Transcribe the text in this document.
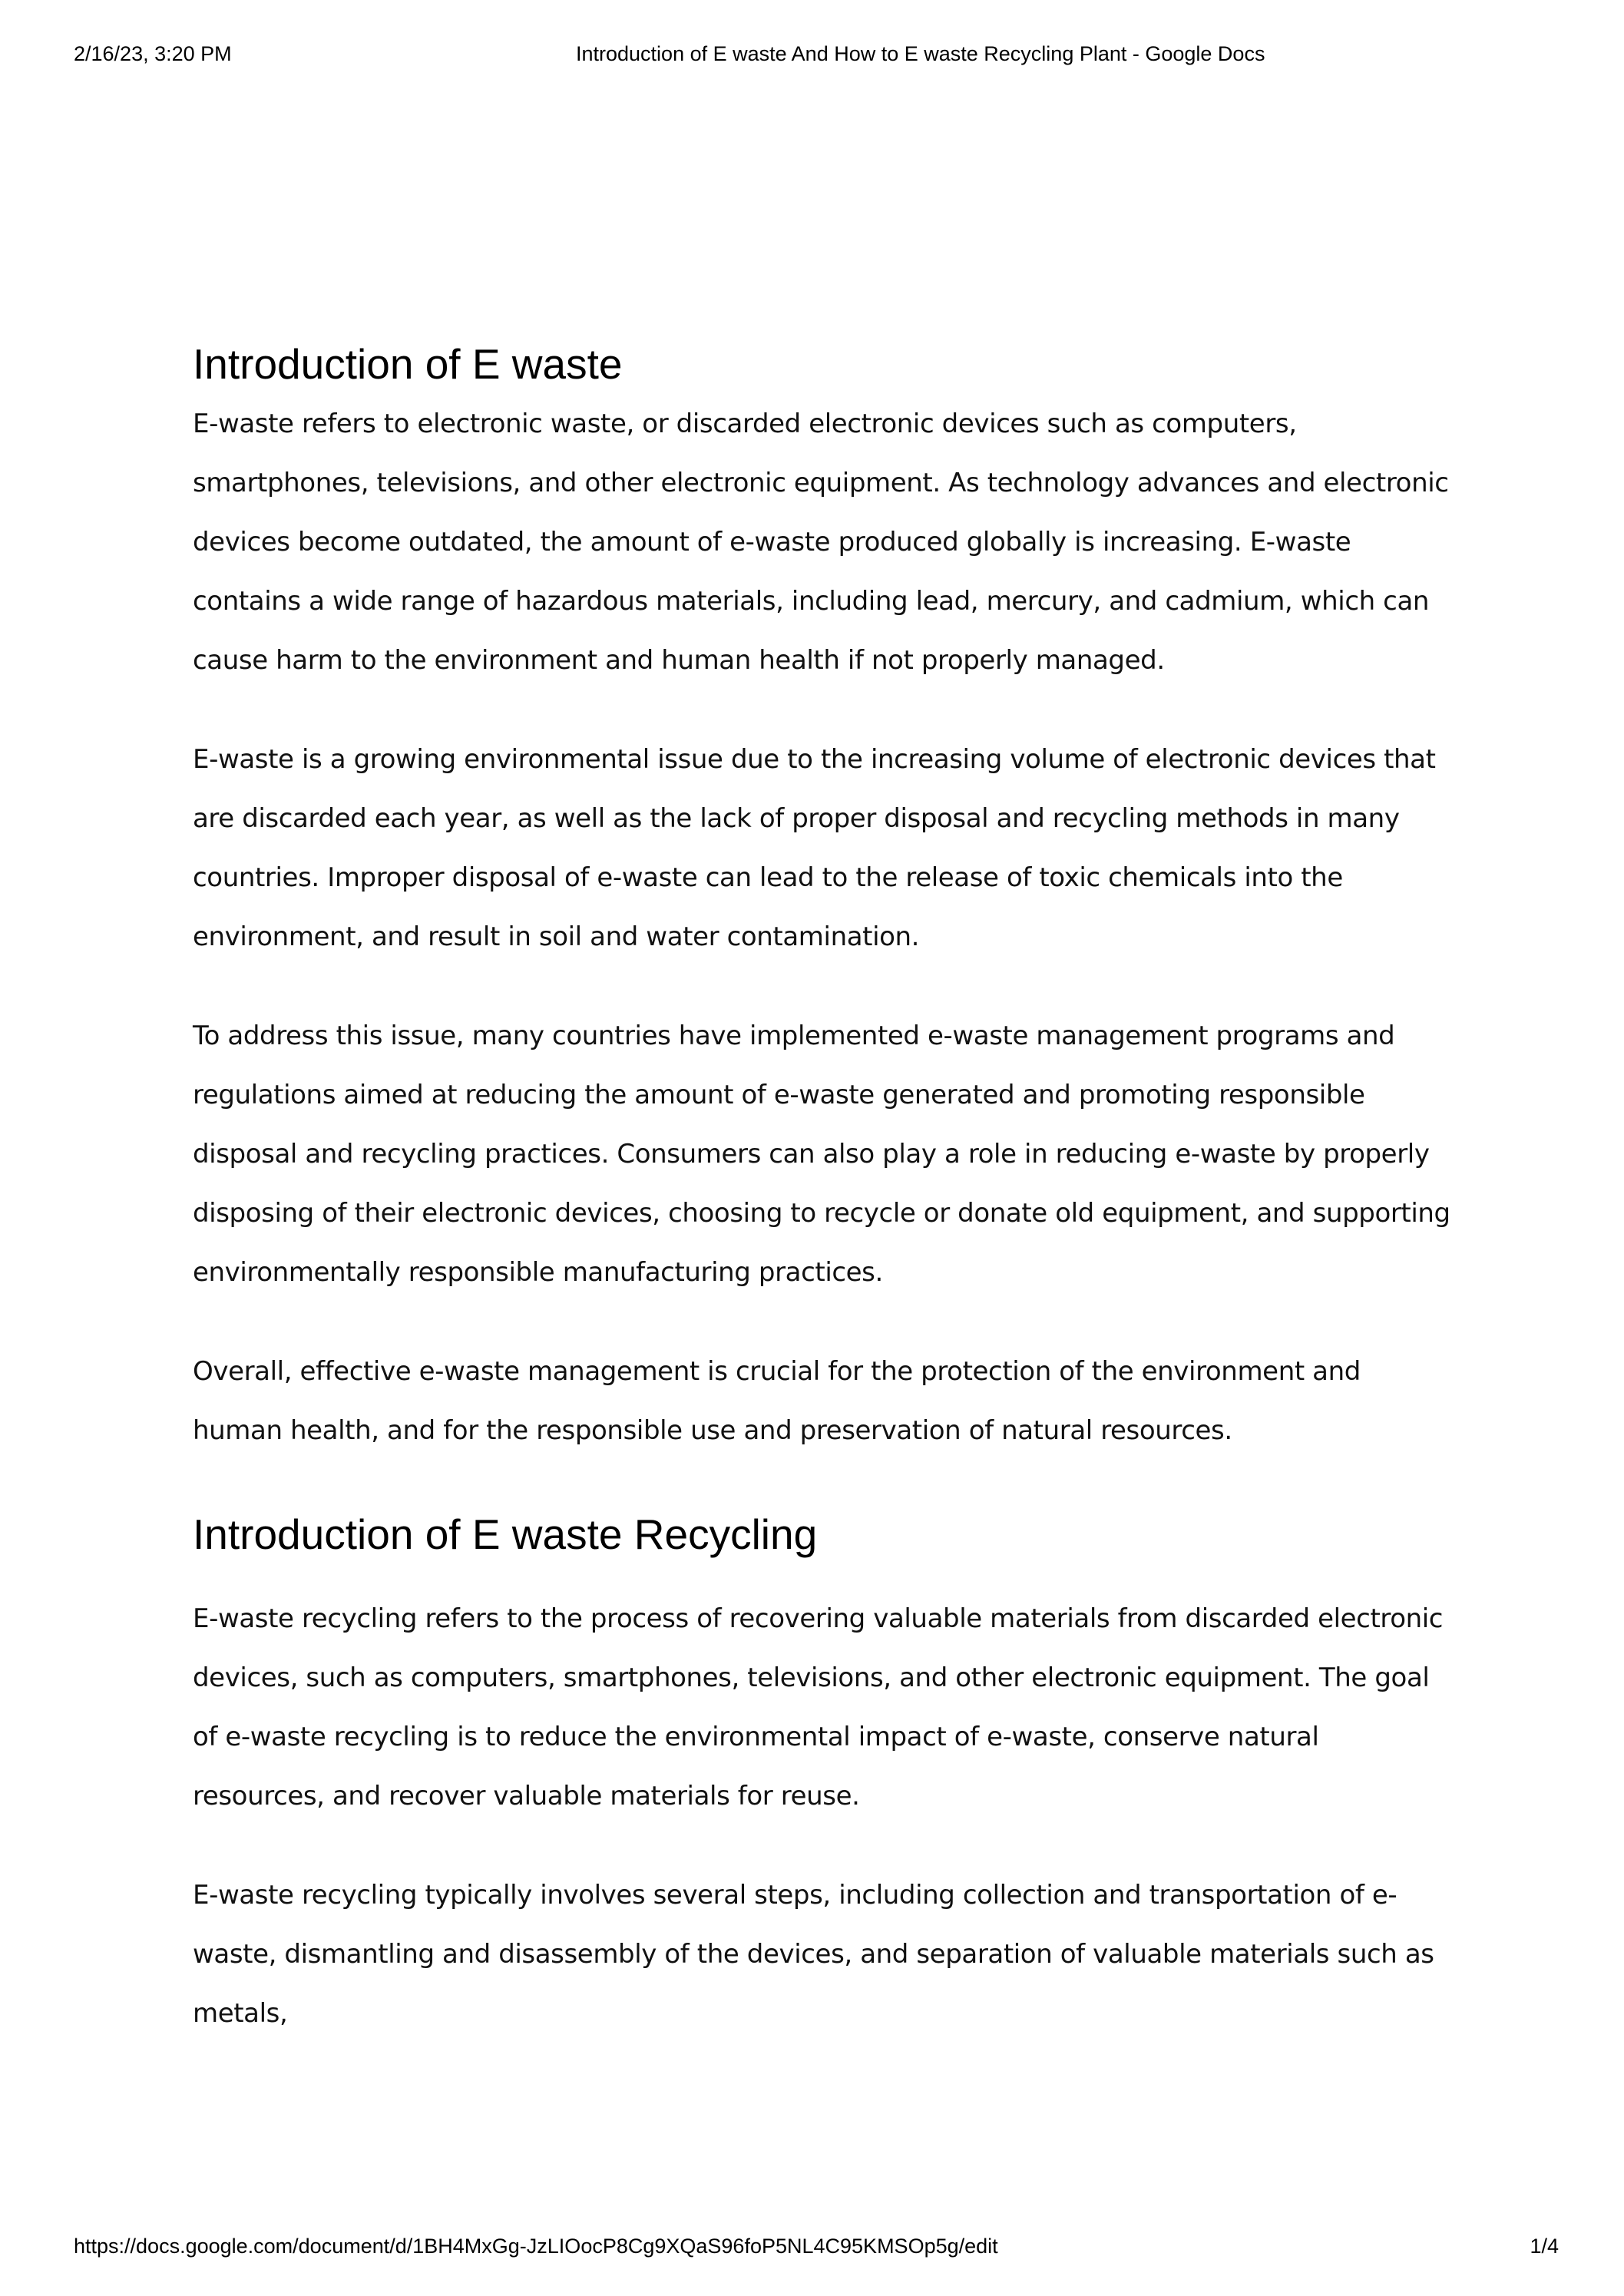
2/16/23, 3:20 PM	Introduction of E waste And How to E waste Recycling Plant - Google Docs
Introduction of E waste

E-waste refers to electronic waste, or discarded electronic devices such as computers, smartphones, televisions, and other electronic equipment. As technology advances and electronic devices become outdated, the amount of e-waste produced globally is increasing. E-waste contains a wide range of hazardous materials, including lead, mercury, and cadmium, which can cause harm to the environment and human health if not properly managed.

E-waste is a growing environmental issue due to the increasing volume of electronic devices that are discarded each year, as well as the lack of proper disposal and recycling methods in many countries. Improper disposal of e-waste can lead to the release of toxic chemicals into the environment, and result in soil and water contamination.

To address this issue, many countries have implemented e-waste management programs and regulations aimed at reducing the amount of e-waste generated and promoting responsible disposal and recycling practices. Consumers can also play a role in reducing e-waste by properly disposing of their electronic devices, choosing to recycle or donate old equipment, and supporting environmentally responsible manufacturing practices.

Overall, effective e-waste management is crucial for the protection of the environment and human health, and for the responsible use and preservation of natural resources.

Introduction of E waste Recycling

E-waste recycling refers to the process of recovering valuable materials from discarded electronic devices, such as computers, smartphones, televisions, and other electronic equipment. The goal of e-waste recycling is to reduce the environmental impact of e-waste, conserve natural resources, and recover valuable materials for reuse.

E-waste recycling typically involves several steps, including collection and transportation of e-waste, dismantling and disassembly of the devices, and separation of valuable materials such as metals,

https://docs.google.com/document/d/1BH4MxGg-JzLIOocP8Cg9XQaS96foP5NL4C95KMSOp5g/edit	1/4
